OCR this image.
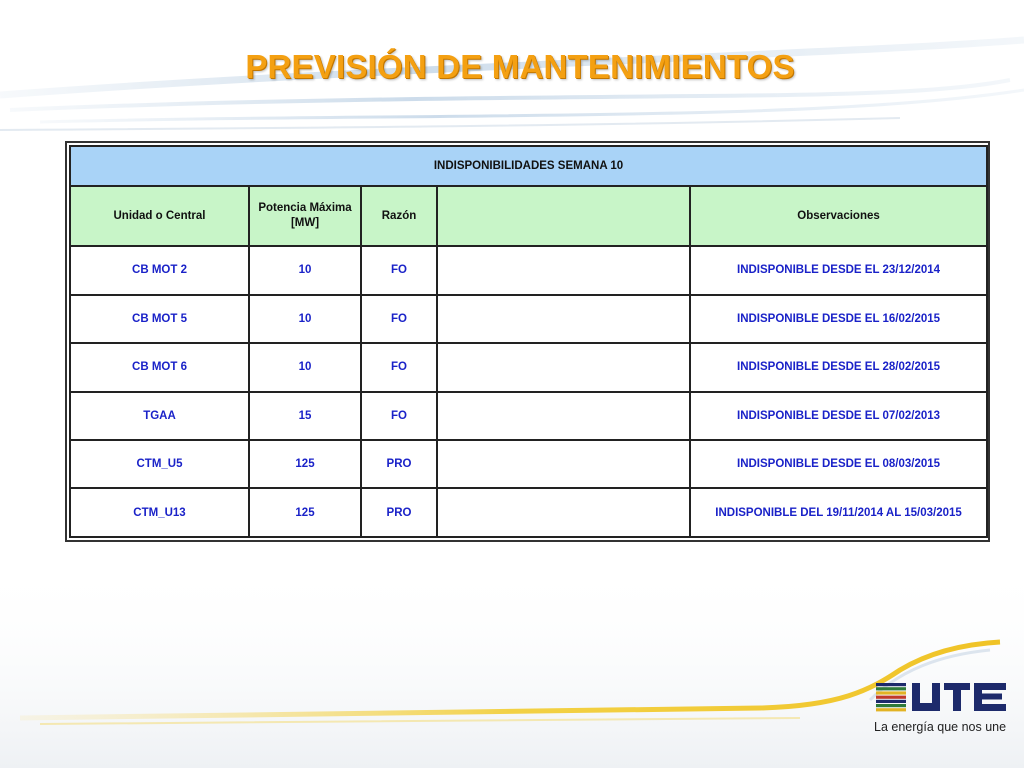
PREVISIÓN DE MANTENIMIENTOS
INDISPONIBILIDADES SEMANA 10				
Unidad o Central	Potencia Máxima [MW]	Razón		Observaciones
CB MOT 2	10	FO		INDISPONIBLE DESDE EL 23/12/2014
CB MOT 5	10	FO		INDISPONIBLE DESDE EL 16/02/2015
CB MOT 6	10	FO		INDISPONIBLE DESDE EL 28/02/2015
TGAA	15	FO		INDISPONIBLE DESDE EL 07/02/2013
CTM_U5	125	PRO		INDISPONIBLE DESDE EL 08/03/2015
CTM_U13	125	PRO		INDISPONIBLE DEL 19/11/2014 AL 15/03/2015
La energía que nos une
